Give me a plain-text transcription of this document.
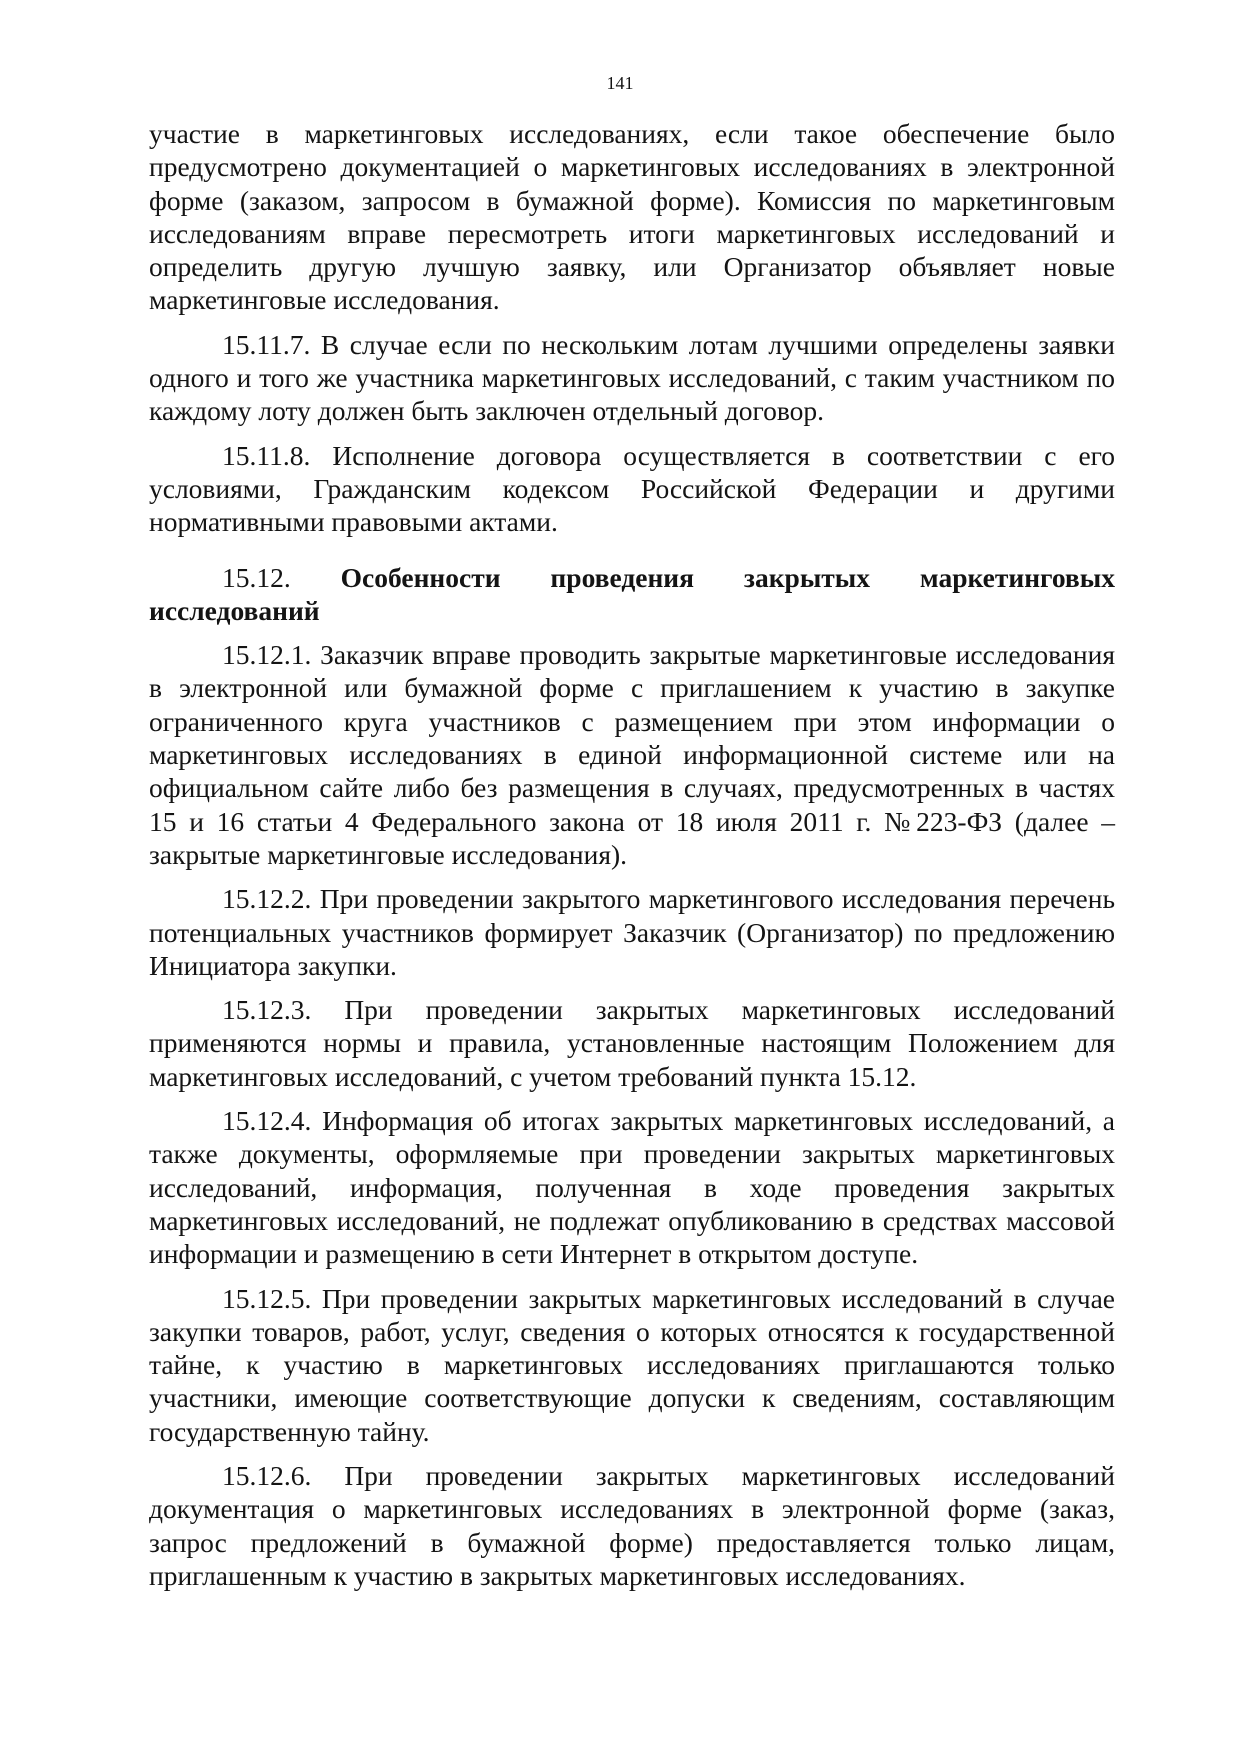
141

участие в маркетинговых исследованиях, если такое обеспечение было предусмотрено документацией о маркетинговых исследованиях в электронной форме (заказом, запросом в бумажной форме). Комиссия по маркетинговым исследованиям вправе пересмотреть итоги маркетинговых исследований и определить другую лучшую заявку, или Организатор объявляет новые маркетинговые исследования.

15.11.7. В случае если по нескольким лотам лучшими определены заявки одного и того же участника маркетинговых исследований, с таким участником по каждому лоту должен быть заключен отдельный договор.

15.11.8. Исполнение договора осуществляется в соответствии с его условиями, Гражданским кодексом Российской Федерации и другими нормативными правовыми актами.

15.12. Особенности проведения закрытых маркетинговых исследований

15.12.1. Заказчик вправе проводить закрытые маркетинговые исследования в электронной или бумажной форме с приглашением к участию в закупке ограниченного круга участников с размещением при этом информации о маркетинговых исследованиях в единой информационной системе или на официальном сайте либо без размещения в случаях, предусмотренных в частях 15 и 16 статьи 4 Федерального закона от 18 июля 2011 г. №223-ФЗ (далее – закрытые маркетинговые исследования).

15.12.2. При проведении закрытого маркетингового исследования перечень потенциальных участников формирует Заказчик (Организатор) по предложению Инициатора закупки.

15.12.3. При проведении закрытых маркетинговых исследований применяются нормы и правила, установленные настоящим Положением для маркетинговых исследований, с учетом требований пункта 15.12.

15.12.4. Информация об итогах закрытых маркетинговых исследований, а также документы, оформляемые при проведении закрытых маркетинговых исследований, информация, полученная в ходе проведения закрытых маркетинговых исследований, не подлежат опубликованию в средствах массовой информации и размещению в сети Интернет в открытом доступе.

15.12.5. При проведении закрытых маркетинговых исследований в случае закупки товаров, работ, услуг, сведения о которых относятся к государственной тайне, к участию в маркетинговых исследованиях приглашаются только участники, имеющие соответствующие допуски к сведениям, составляющим государственную тайну.

15.12.6. При проведении закрытых маркетинговых исследований документация о маркетинговых исследованиях в электронной форме (заказ, запрос предложений в бумажной форме) предоставляется только лицам, приглашенным к участию в закрытых маркетинговых исследованиях.
